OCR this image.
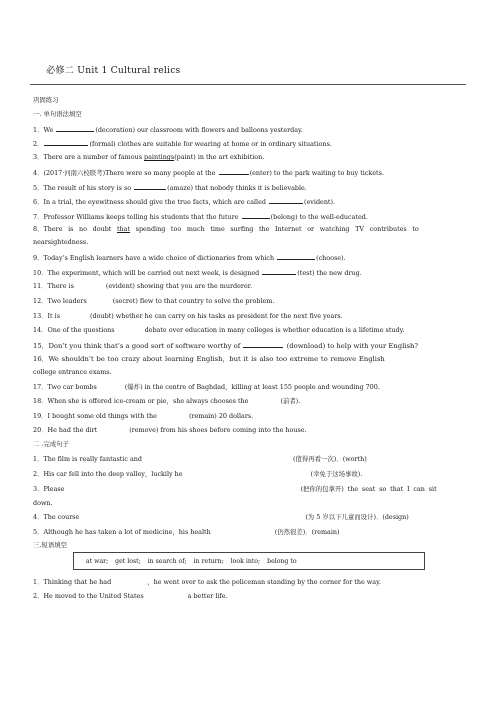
必修二 Unit 1 Cultural relics
巩固练习
一. 单句语法填空
1．We	(decoration) our classroom with flowers and balloons yesterday.
2．	(formal) clothes are suitable for wearing at home or in ordinary situations.
3．There are a number of famous paintings(paint) in the art exhibition.
4．(2017·河南六校联考)There were so many people at the	(enter) to the park waiting to buy tickets.
5．The result of his story is so	(amaze) that nobody thinks it is believable.
6．In a trial, the eyewitness should give the true facts, which are called	(evident).
7．Professor Williams keeps telling his students that the future	(belong) to the well-educated.
8．There is no doubt that spending too much time surfing the Internet or watching TV contributes to
nearsightedness.
9．Today’s English learners have a wide choice of dictionaries from which	(choose).
10．The experiment, which will be carried out next week, is designed	(test) the new drug.
11．There is	(evident) showing that you are the murderer.
12．Two leaders	(secret) flew to that country to solve the problem.
13．It is	(doubt) whether he can carry on his tasks as president for the next five years.
14．One of the questions	debate over education in many colleges is whether education is a lifetime study.
15．Don’t you think that’s a good sort of software worthy of	(download) to help with your English?
16．We shouldn’t be too crazy about learning English，but it is also too extreme to remove English
college entrance exams.
17．Two car bombs	(爆炸) in the centre of Baghdad，killing at least 155 people and wounding 700.
18．When she is offered ice-cream or pie，she always chooses the	(前者).
19．I bought some old things with the	(remain) 20 dollars.
20．He had the dirt	(remove) from his shoes before coming into the house.
二 .完成句子
1．The film is really fantastic and	(值得再看一次)．(worth)
2．His car fell into the deep valley，luckily he	(幸免于这场事故).
3．Please	(把你的包拿开) the seat so that I can sit
down.
4．The course	(为 5 岁以下儿童而设计)．(design)
5．Although he has taken a lot of medicine，his health	(仍然很差)．(remain)
三.短语填空
at war; get lost; in search of; in return; look into; belong to
1．Thinking that he had	，he went over to ask the policeman standing by the corner for the way.
2．He moved to the United States	a better life.
